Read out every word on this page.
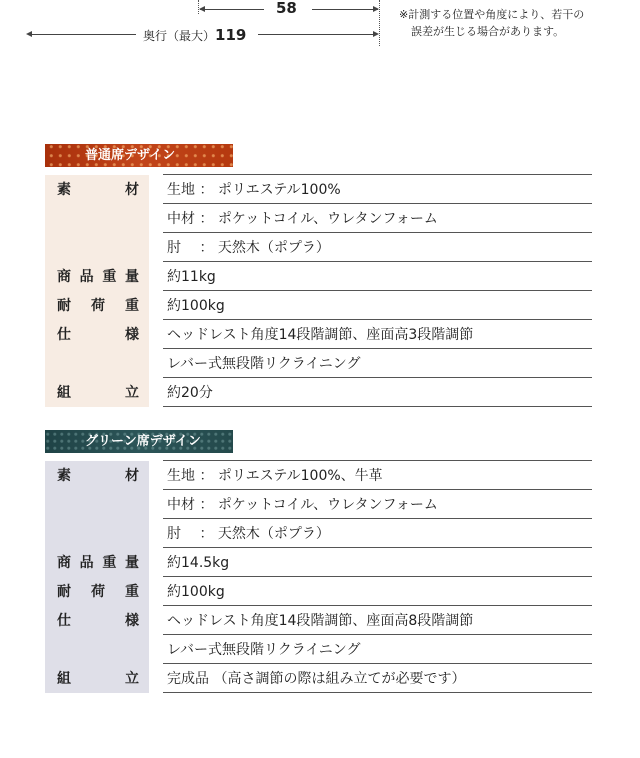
58
奥行（最大）119
※計測する位置や角度により、若干の
誤差が生じる場合があります。
普通席デザイン
素 材		生地 ： ポリエステル100%
		中材 ： ポケットコイル、ウレタンフォーム
		肘　 ： 天然木（ポプラ）

商 品 重 量		約11kg

耐 荷 重		約100kg

仕 様		ヘッドレスト角度14段階調節、座面高3段階調節
		レバー式無段階リクライニング

組 立		約20分
グリーン席デザイン
素 材		生地 ： ポリエステル100%、牛革
		中材 ： ポケットコイル、ウレタンフォーム
		肘　 ： 天然木（ポプラ）

商 品 重 量		約14.5kg

耐 荷 重		約100kg

仕 様		ヘッドレスト角度14段階調節、座面高8段階調節
		レバー式無段階リクライニング

組 立		完成品 （高さ調節の際は組み立てが必要です）
